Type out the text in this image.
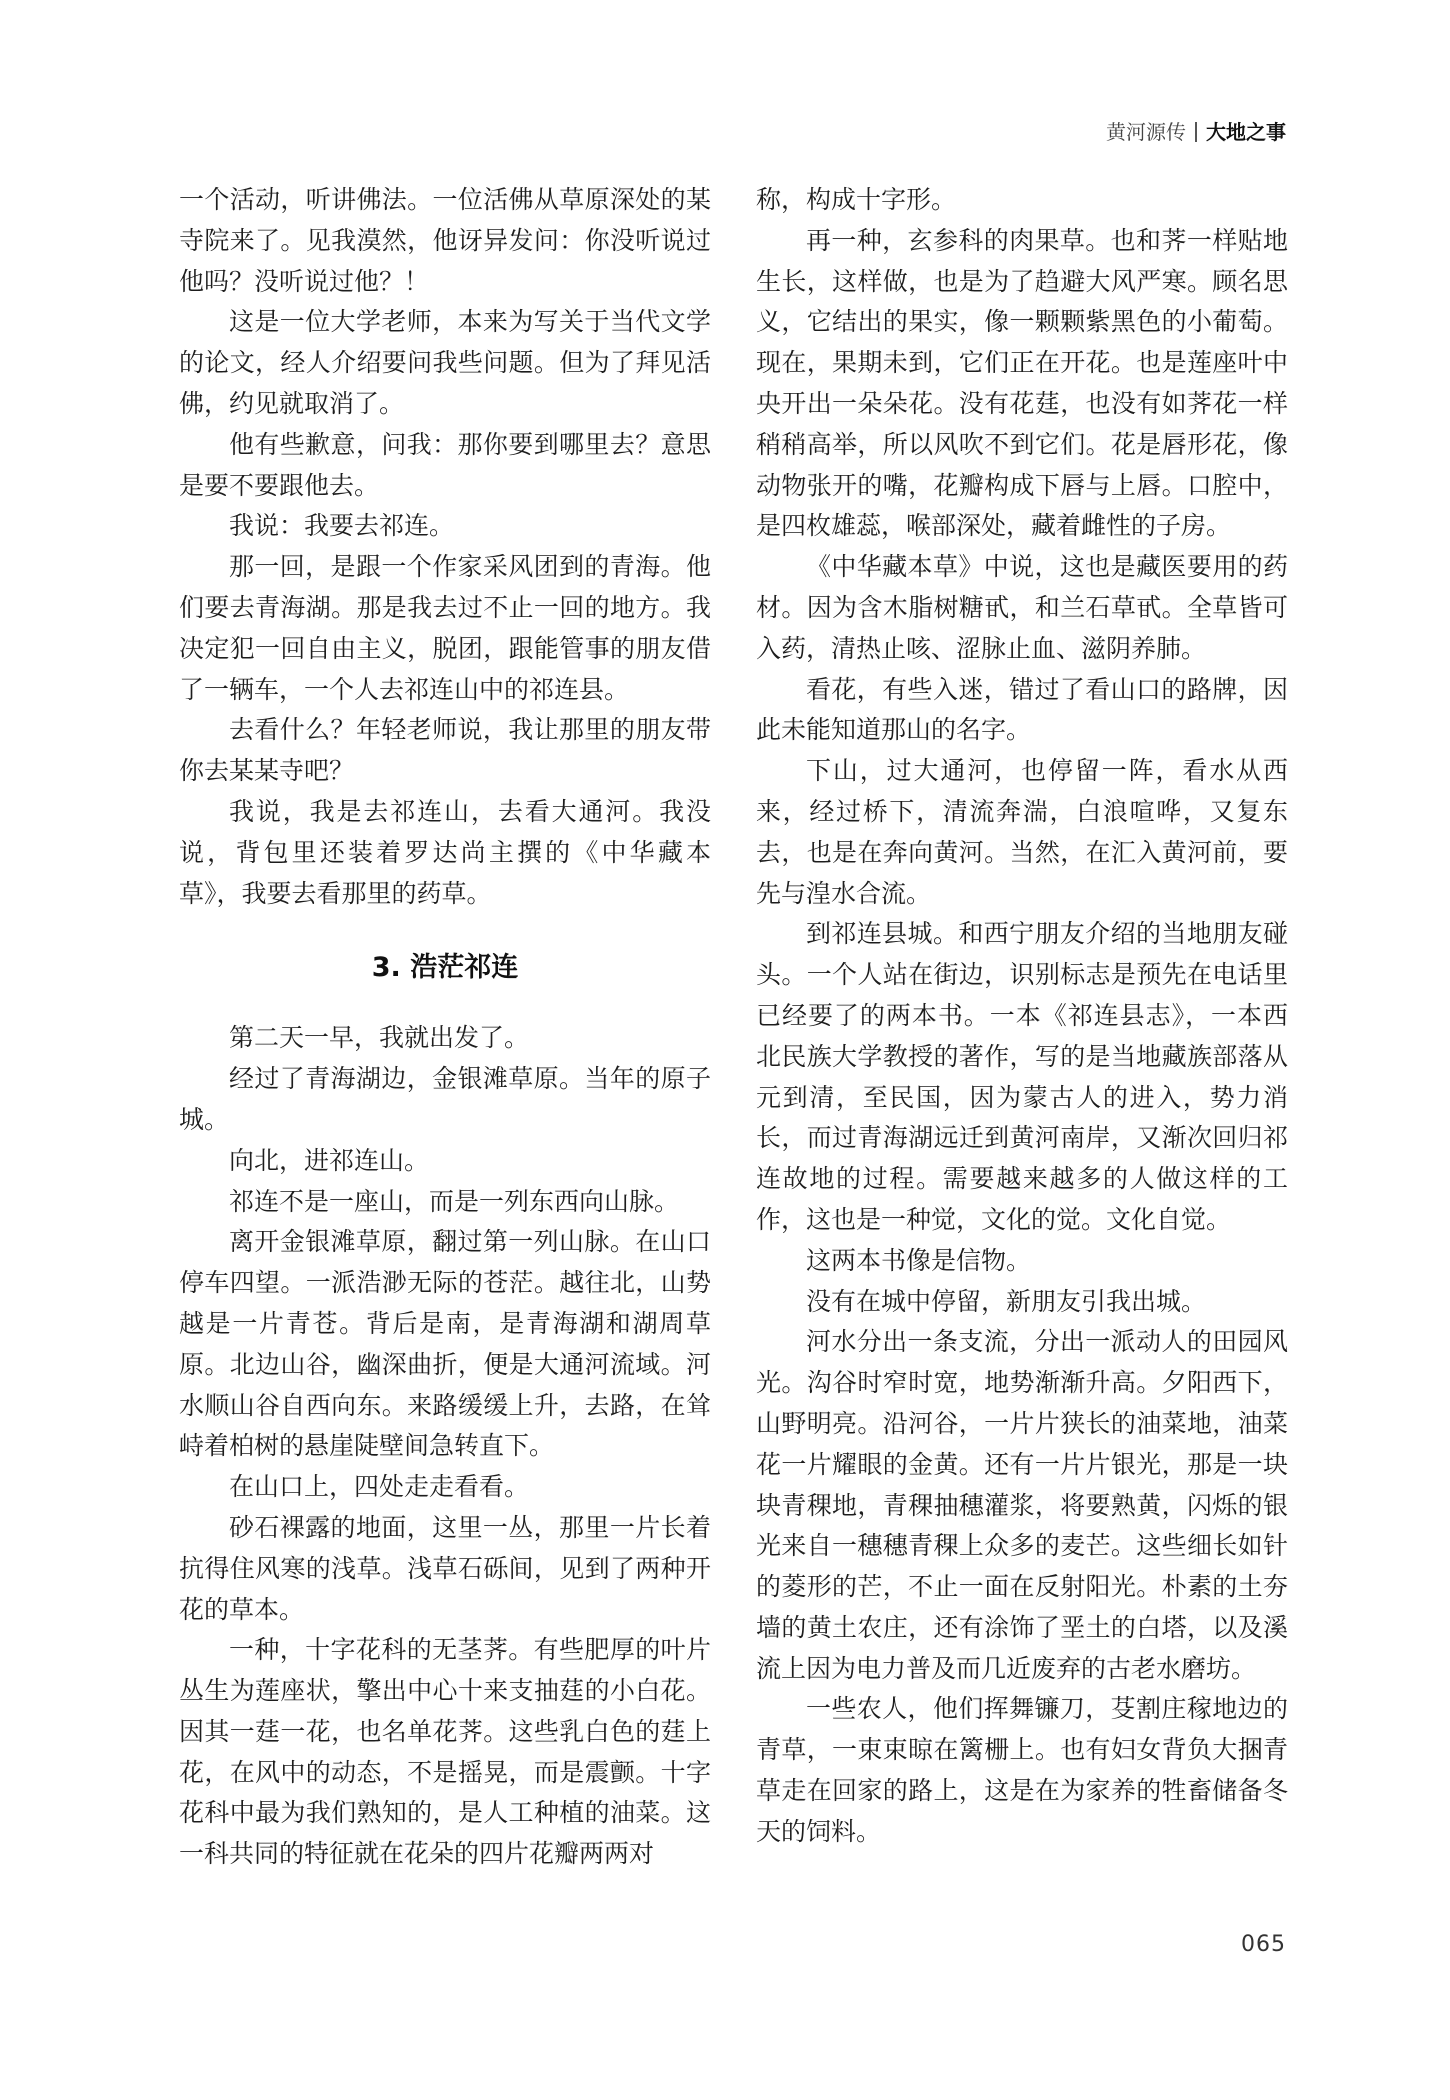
黄河源传 大地之事

一个活动，听讲佛法。一位活佛从草原深处的某寺院来了。见我漠然，他讶异发问：你没听说过他吗？没听说过他？！

这是一位大学老师，本来为写关于当代文学的论文，经人介绍要问我些问题。但为了拜见活佛，约见就取消了。

他有些歉意，问我：那你要到哪里去？意思是要不要跟他去。

我说：我要去祁连。

那一回，是跟一个作家采风团到的青海。他们要去青海湖。那是我去过不止一回的地方。我决定犯一回自由主义，脱团，跟能管事的朋友借了一辆车，一个人去祁连山中的祁连县。

去看什么？年轻老师说，我让那里的朋友带你去某某寺吧？

我说，我是去祁连山，去看大通河。我没说，背包里还装着罗达尚主撰的《中华藏本草》，我要去看那里的药草。

3. 浩茫祁连

第二天一早，我就出发了。

经过了青海湖边，金银滩草原。当年的原子城。

向北，进祁连山。

祁连不是一座山，而是一列东西向山脉。

离开金银滩草原，翻过第一列山脉。在山口停车四望。一派浩渺无际的苍茫。越往北，山势越是一片青苍。背后是南，是青海湖和湖周草原。北边山谷，幽深曲折，便是大通河流域。河水顺山谷自西向东。来路缓缓上升，去路，在耸峙着柏树的悬崖陡壁间急转直下。

在山口上，四处走走看看。

砂石裸露的地面，这里一丛，那里一片长着抗得住风寒的浅草。浅草石砾间，见到了两种开花的草本。

一种，十字花科的无茎荠。有些肥厚的叶片丛生为莲座状，擎出中心十来支抽莛的小白花。因其一莛一花，也名单花荠。这些乳白色的莛上花，在风中的动态，不是摇晃，而是震颤。十字花科中最为我们熟知的，是人工种植的油菜。这一科共同的特征就在花朵的四片花瓣两两对

称，构成十字形。

再一种，玄参科的肉果草。也和荠一样贴地生长，这样做，也是为了趋避大风严寒。顾名思义，它结出的果实，像一颗颗紫黑色的小葡萄。现在，果期未到，它们正在开花。也是莲座叶中央开出一朵朵花。没有花莛，也没有如荠花一样稍稍高举，所以风吹不到它们。花是唇形花，像动物张开的嘴，花瓣构成下唇与上唇。口腔中，是四枚雄蕊，喉部深处，藏着雌性的子房。

《中华藏本草》中说，这也是藏医要用的药材。因为含木脂树糖甙，和兰石草甙。全草皆可入药，清热止咳、涩脉止血、滋阴养肺。

看花，有些入迷，错过了看山口的路牌，因此未能知道那山的名字。

下山，过大通河，也停留一阵，看水从西来，经过桥下，清流奔湍，白浪喧哗，又复东去，也是在奔向黄河。当然，在汇入黄河前，要先与湟水合流。

到祁连县城。和西宁朋友介绍的当地朋友碰头。一个人站在街边，识别标志是预先在电话里已经要了的两本书。一本《祁连县志》，一本西北民族大学教授的著作，写的是当地藏族部落从元到清，至民国，因为蒙古人的进入，势力消长，而过青海湖远迁到黄河南岸，又渐次回归祁连故地的过程。需要越来越多的人做这样的工作，这也是一种觉，文化的觉。文化自觉。

这两本书像是信物。

没有在城中停留，新朋友引我出城。

河水分出一条支流，分出一派动人的田园风光。沟谷时窄时宽，地势渐渐升高。夕阳西下，山野明亮。沿河谷，一片片狭长的油菜地，油菜花一片耀眼的金黄。还有一片片银光，那是一块块青稞地，青稞抽穗灌浆，将要熟黄，闪烁的银光来自一穗穗青稞上众多的麦芒。这些细长如针的菱形的芒，不止一面在反射阳光。朴素的土夯墙的黄土农庄，还有涂饰了垩土的白塔，以及溪流上因为电力普及而几近废弃的古老水磨坊。

一些农人，他们挥舞镰刀，芟割庄稼地边的青草，一束束晾在篱栅上。也有妇女背负大捆青草走在回家的路上，这是在为家养的牲畜储备冬天的饲料。

065
